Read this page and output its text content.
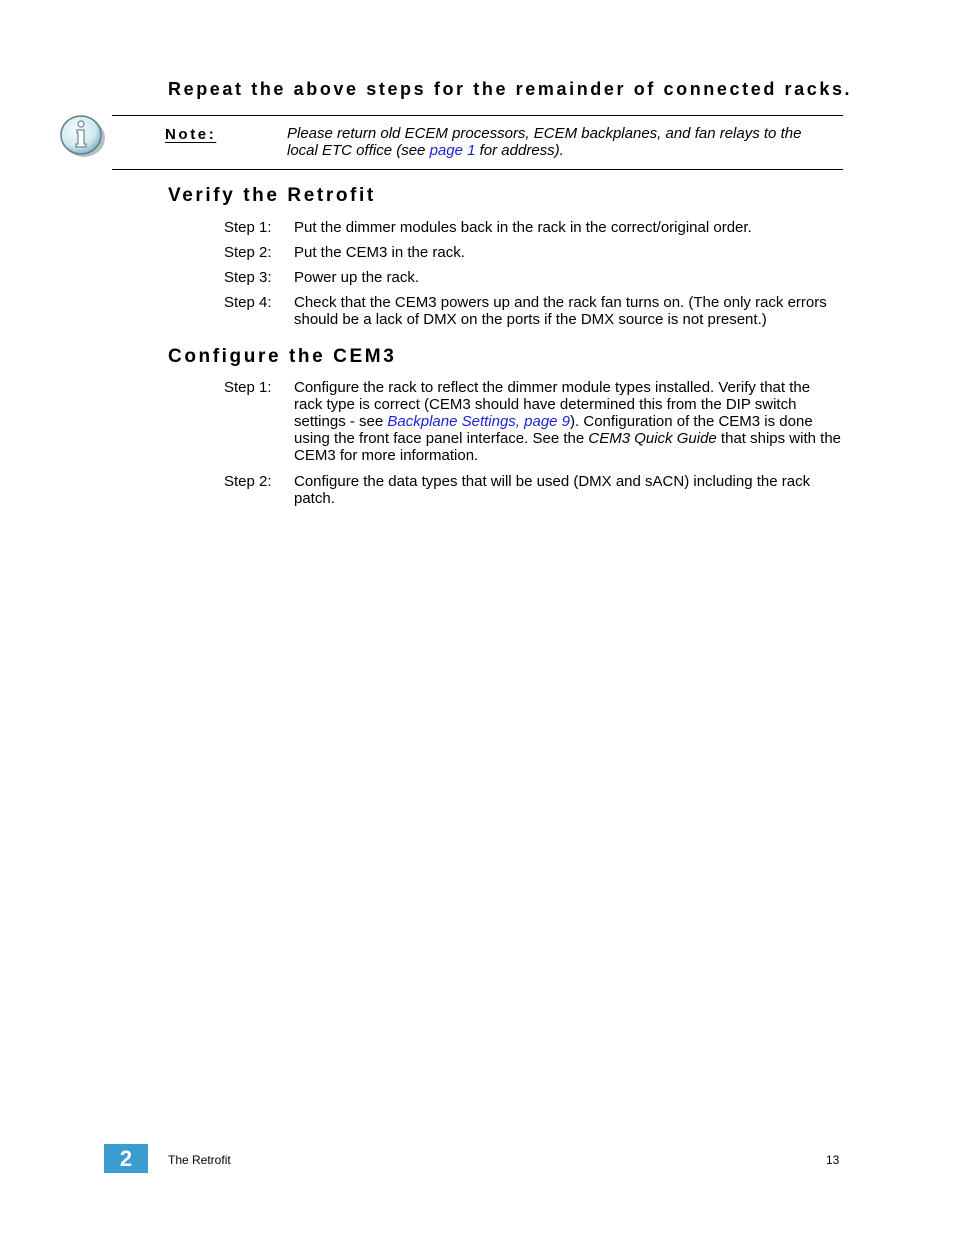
Repeat the above steps for the remainder of connected racks.
Note:	Please return old ECEM processors, ECEM backplanes, and fan relays to the local ETC office (see page 1 for address).
Verify the Retrofit
Step 1: Put the dimmer modules back in the rack in the correct/original order.
Step 2: Put the CEM3 in the rack.
Step 3: Power up the rack.
Step 4: Check that the CEM3 powers up and the rack fan turns on. (The only rack errors should be a lack of DMX on the ports if the DMX source is not present.)
Configure the CEM3
Step 1: Configure the rack to reflect the dimmer module types installed. Verify that the rack type is correct (CEM3 should have determined this from the DIP switch settings - see Backplane Settings, page 9). Configuration of the CEM3 is done using the front face panel interface. See the CEM3 Quick Guide that ships with the CEM3 for more information.
Step 2: Configure the data types that will be used (DMX and sACN) including the rack patch.
2	The Retrofit	13
